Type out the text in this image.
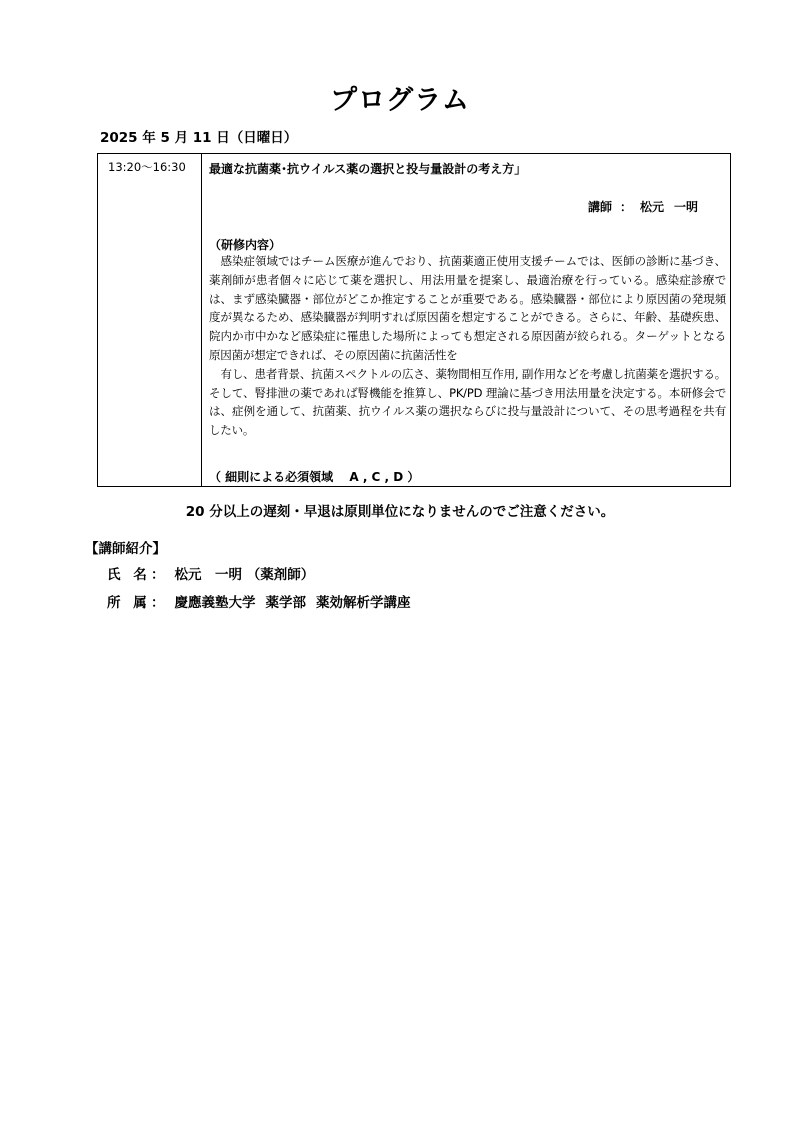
プログラム
2025 年 5 月 11 日（日曜日）
13:20～16:30	最適な抗菌薬･抗ウイルス薬の選択と投与量設計の考え方」
講師 ： 松元 一明
（研修内容）

感染症領域ではチーム医療が進んでおり、抗菌薬適正使用支援チームでは、医師の診断に基づき、薬剤師が患者個々に応じて薬を選択し、用法用量を提案し、最適治療を行っている。感染症診療では、まず感染臓器・部位がどこか推定することが重要である。感染臓器・部位により原因菌の発現頻度が異なるため、感染臓器が判明すれば原因菌を想定することができる。さらに、年齢、基礎疾患、院内か市中かなど感染症に罹患した場所によっても想定される原因菌が絞られる。ターゲットとなる原因菌が想定できれば、その原因菌に抗菌活性を

有し、患者背景、抗菌スペクトルの広さ、薬物間相互作用, 副作用などを考慮し抗菌薬を選択する。そして、腎排泄の薬であれば腎機能を推算し、PK/PD 理論に基づき用法用量を決定する。本研修会では、症例を通して、抗菌薬、抗ウイルス薬の選択ならびに投与量設計について、その思考過程を共有したい。

（ 細則による必須領域　 A , C , D ）
20 分以上の遅刻・早退は原則単位になりませんのでご注意ください。
【講師紹介】
氏 名： 松元　一明 （薬剤師）
所 属： 慶應義塾大学 薬学部 薬効解析学講座
